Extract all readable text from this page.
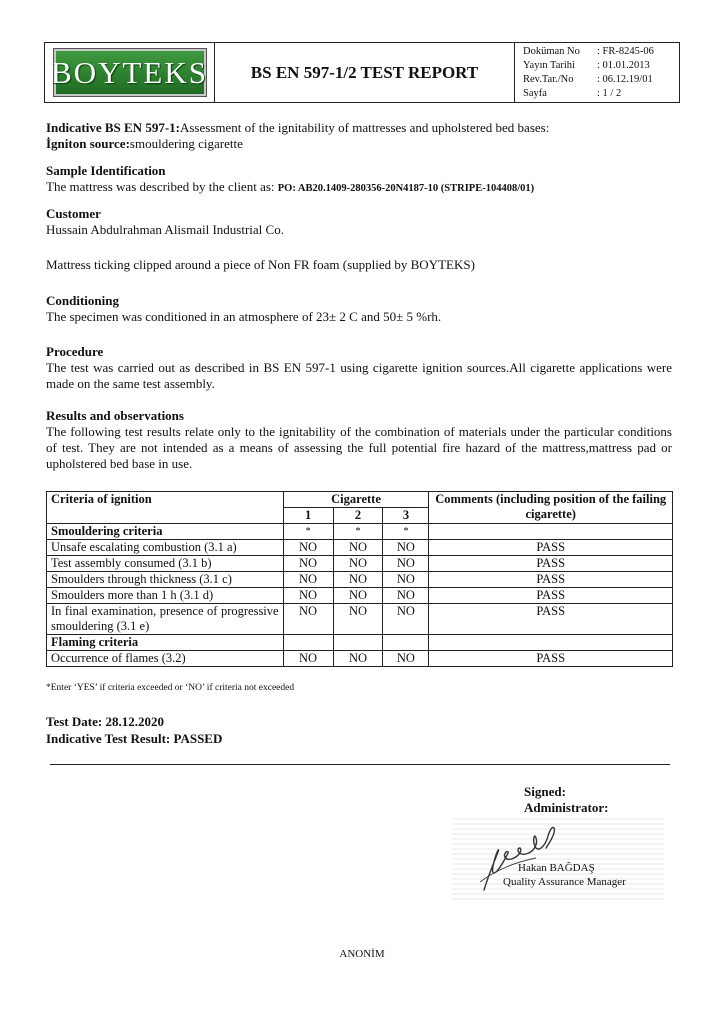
BOYTEKS	BS EN 597-1/2 TEST REPORT
Doküman No	: FR-8245-06
Yayın Tarihi	: 01.01.2013
Rev.Tar./No	: 06.12.19/01
Sayfa	: 1 / 2
Indicative BS EN 597-1:Assessment of the ignitability of mattresses and upholstered bed bases:
İgniton source:smouldering cigarette
Sample Identification
The mattress was described by the client as: PO: AB20.1409-280356-20N4187-10 (STRIPE-104408/01)
Customer
Hussain Abdulrahman Alismail Industrial Co.
Mattress ticking clipped around a piece of Non FR foam (supplied by BOYTEKS)
Conditioning
The specimen was conditioned in an atmosphere of 23± 2 C and 50± 5 %rh.
Procedure
The test was carried out as described in BS EN 597-1 using cigarette ignition sources.All cigarette applications were made on the same test assembly.
Results and observations
The following test results relate only to the ignitability of the combination of materials under the particular conditions of test. They are not intended as a means of assessing the full potential fire hazard of the mattress,mattress pad or upholstered bed base in use.
Criteria of ignition	Cigarette			Comments (including position of the failing cigarette)
	1	2	3	
Smouldering criteria	*	*	*	
Unsafe escalating combustion (3.1 a)	NO	NO	NO	PASS
Test assembly consumed (3.1 b)	NO	NO	NO	PASS
Smoulders through thickness (3.1 c)	NO	NO	NO	PASS
Smoulders more than 1 h (3.1 d)	NO	NO	NO	PASS
In final examination, presence of progressive smouldering (3.1 e)	NO	NO	NO	PASS
Flaming criteria				
Occurrence of flames (3.2)	NO	NO	NO	PASS
*Enter ‘YES’ if criteria exceeded or ‘NO’ if criteria not exceeded
Test Date: 28.12.2020
Indicative Test Result: PASSED
Signed:
Administrator:
Hakan BAĞDAŞ
Quality Assurance Manager
ANONİM
